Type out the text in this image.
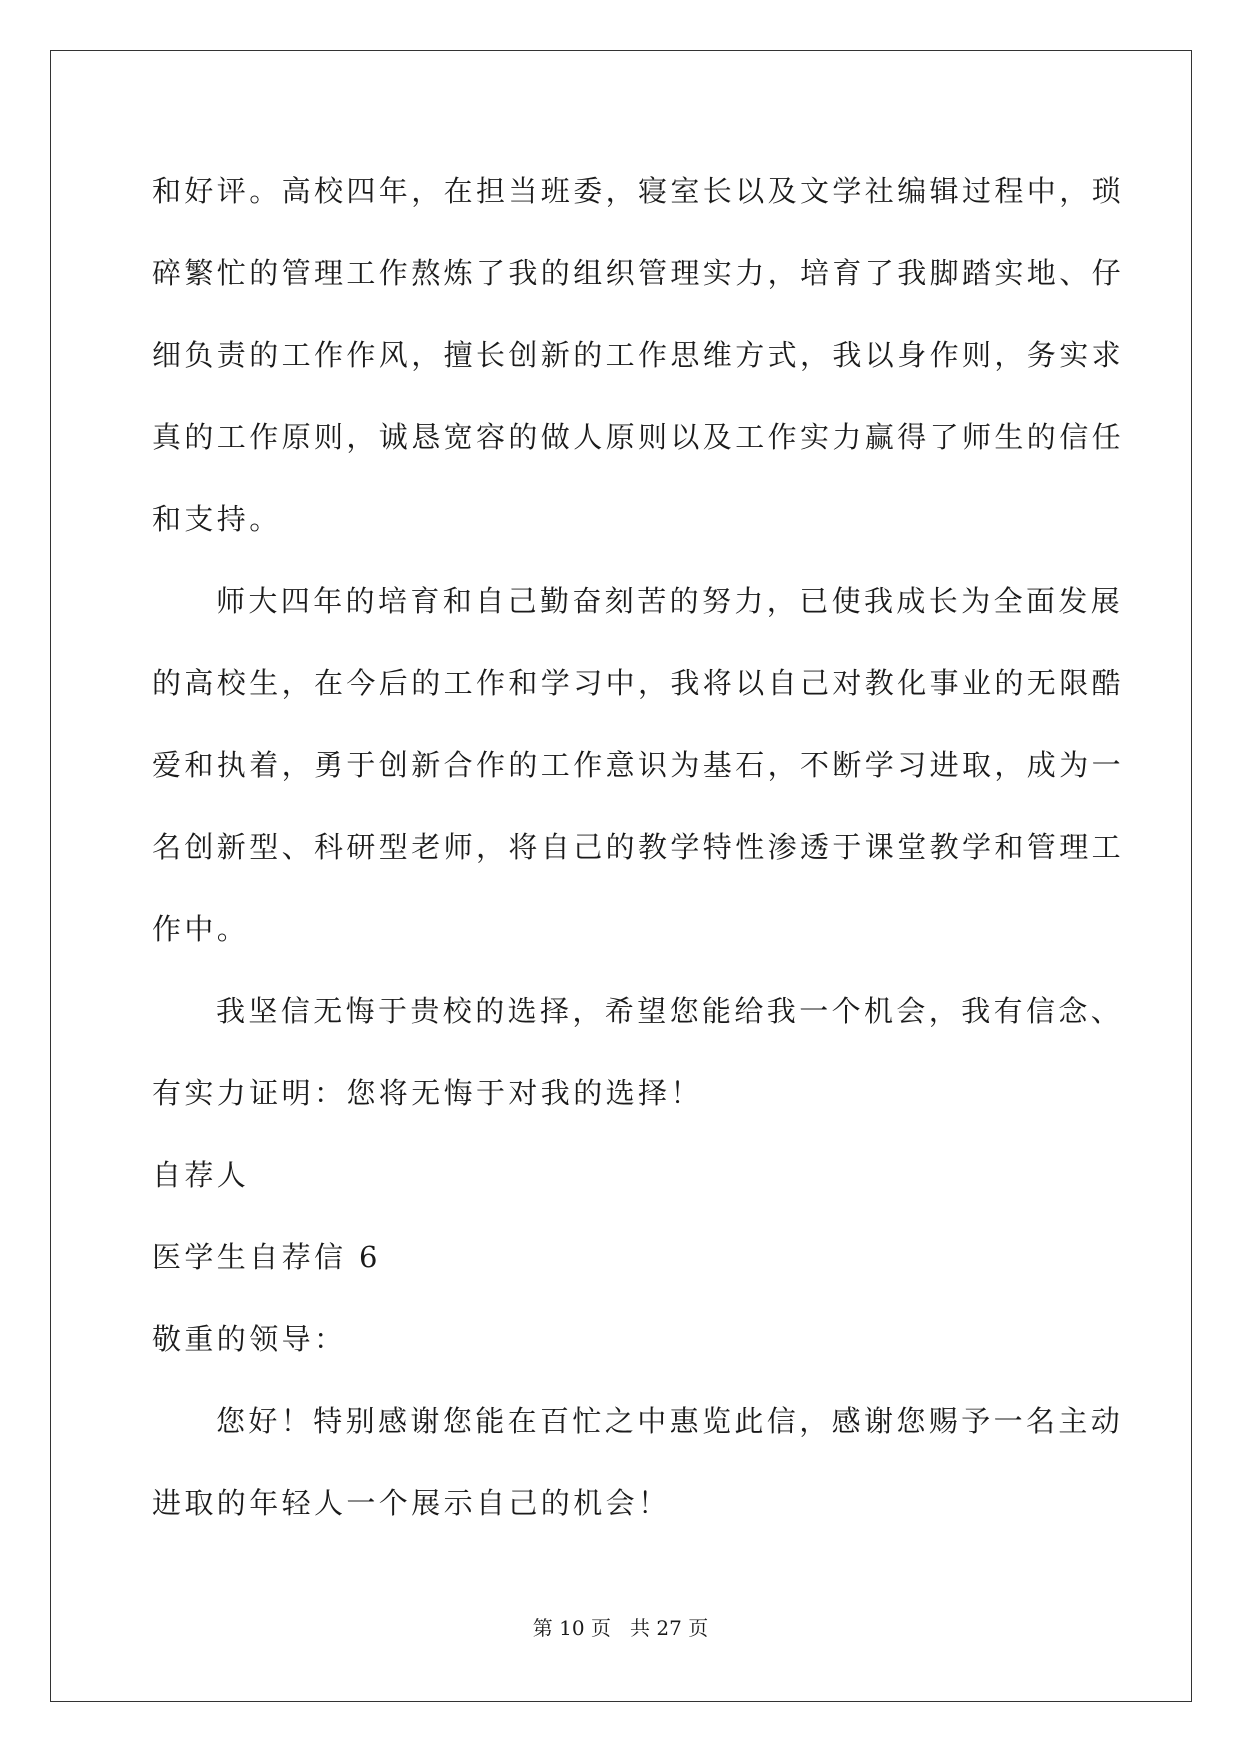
和好评。高校四年，在担当班委，寝室长以及文学社编辑过程中，琐
碎繁忙的管理工作熬炼了我的组织管理实力，培育了我脚踏实地、仔
细负责的工作作风，擅长创新的工作思维方式，我以身作则，务实求
真的工作原则，诚恳宽容的做人原则以及工作实力赢得了师生的信任
和支持。
师大四年的培育和自己勤奋刻苦的努力，已使我成长为全面发展
的高校生，在今后的工作和学习中，我将以自己对教化事业的无限酷
爱和执着，勇于创新合作的工作意识为基石，不断学习进取，成为一
名创新型、科研型老师，将自己的教学特性渗透于课堂教学和管理工
作中。
我坚信无悔于贵校的选择，希望您能给我一个机会，我有信念、
有实力证明：您将无悔于对我的选择！
自荐人
医学生自荐信 6
敬重的领导：
您好！特别感谢您能在百忙之中惠览此信，感谢您赐予一名主动
进取的年轻人一个展示自己的机会！
第 10 页   共 27 页
